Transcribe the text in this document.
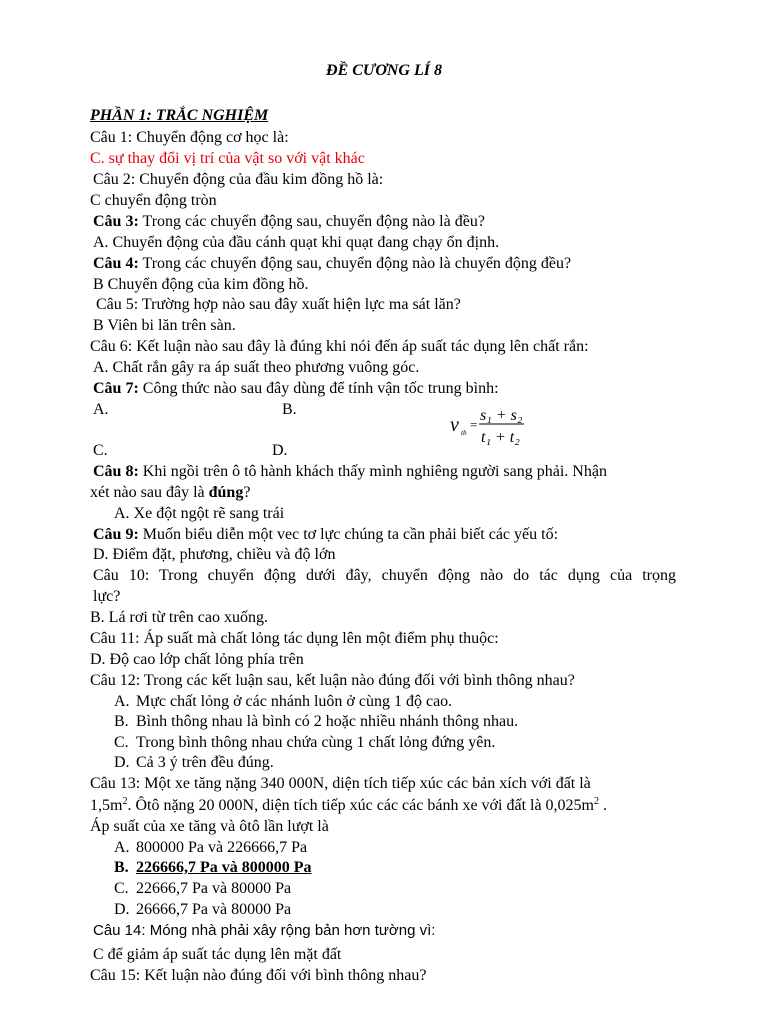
ĐỀ CƯƠNG LÍ 8
PHẦN 1: TRẮC NGHIỆM
Câu 1: Chuyển động cơ học là:
C. sự thay đổi vị trí của vật so với vật khác
Câu 2: Chuyển động của đầu kim đồng hồ là:
C chuyển động tròn
Câu 3: Trong các chuyển động sau, chuyển động nào là đều?
A. Chuyển động của đầu cánh quạt khi quạt đang chạy ổn định.
Câu 4: Trong các chuyển động sau, chuyển động nào là chuyển động đều?
B Chuyển động của kim đồng hồ.
Câu 5: Trường hợp nào sau đây xuất hiện lực ma sát lăn?
B Viên bi lăn trên sàn.
Câu 6: Kết luận nào sau đây là đúng khi nói đến áp suất tác dụng lên chất rắn:
A. Chất rắn gây ra áp suất theo phương vuông góc.
Câu 7: Công thức nào sau đây dùng để tính vận tốc trung bình:
A.	B.
C.	D.
v tb
=
s₁ + s₂
t₁ + t₂
Câu 8: Khi ngồi trên ô tô hành khách thấy mình nghiêng người sang phải. Nhận
xét nào sau đây là đúng?
A. Xe đột ngột rẽ sang trái
Câu 9: Muốn biểu diễn một vec tơ lực chúng ta cần phải biết các yếu tố:
D. Điểm đặt, phương, chiều và độ lớn
Câu 10: Trong chuyển động dưới đây, chuyển động nào do tác dụng của trọng
lực?
B. Lá rơi từ trên cao xuống.
Câu 11: Áp suất mà chất lỏng tác dụng lên một điểm phụ thuộc:
D. Độ cao lớp chất lỏng phía trên
Câu 12: Trong các kết luận sau, kết luận nào đúng đối với bình thông nhau?
A. Mực chất lỏng ở các nhánh luôn ở cùng 1 độ cao.
B. Bình thông nhau là bình có 2 hoặc nhiều nhánh thông nhau.
C. Trong bình thông nhau chứa cùng 1 chất lỏng đứng yên.
D. Cả 3 ý trên đều đúng.
Câu 13: Một xe tăng nặng 340 000N, diện tích tiếp xúc các bản xích với đất là
$1,5m^2$. Ôtô nặng 20 000N, diện tích tiếp xúc các các bánh xe với đất là $0,025m^2$ .
Áp suất của xe tăng và ôtô lần lượt là
A. 800000 Pa và 226666,7 Pa
B. 226666,7 Pa và 800000 Pa
C. 22666,7 Pa và 80000 Pa
D. 26666,7 Pa và 80000 Pa
Câu 14: Móng nhà phải xây rộng bản hơn tường vì:
C để giảm áp suất tác dụng lên mặt đất
Câu 15: Kết luận nào đúng đối với bình thông nhau?
